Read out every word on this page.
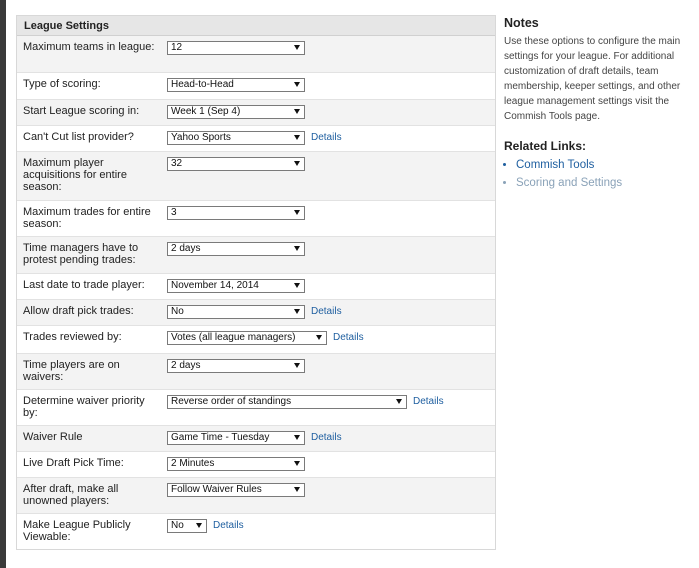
League Settings
Maximum teams in league:	12
Type of scoring:	Head-to-Head
Start League scoring in:	Week 1 (Sep 4)
Can't Cut list provider?	Yahoo Sports	Details
Maximum player acquisitions for entire season:
32
Maximum trades for entire season:
3
Time managers have to protest pending trades:
2 days
Last date to trade player:	November 14, 2014
Allow draft pick trades:	No	Details
Trades reviewed by:	Votes (all league managers)	Details
Time players are on waivers:
2 days
Determine waiver priority by:
Reverse order of standings	Details
Waiver Rule	Game Time - Tuesday	Details
Live Draft Pick Time:	2 Minutes
After draft, make all unowned players:
Follow Waiver Rules
Make League Publicly Viewable:
No	Details
Notes

Use these options to configure the main settings for your league. For additional customization of draft details, team membership, keeper settings, and other league management settings visit the Commish Tools page.

Related Links:
• Commish Tools
• Scoring and Settings
